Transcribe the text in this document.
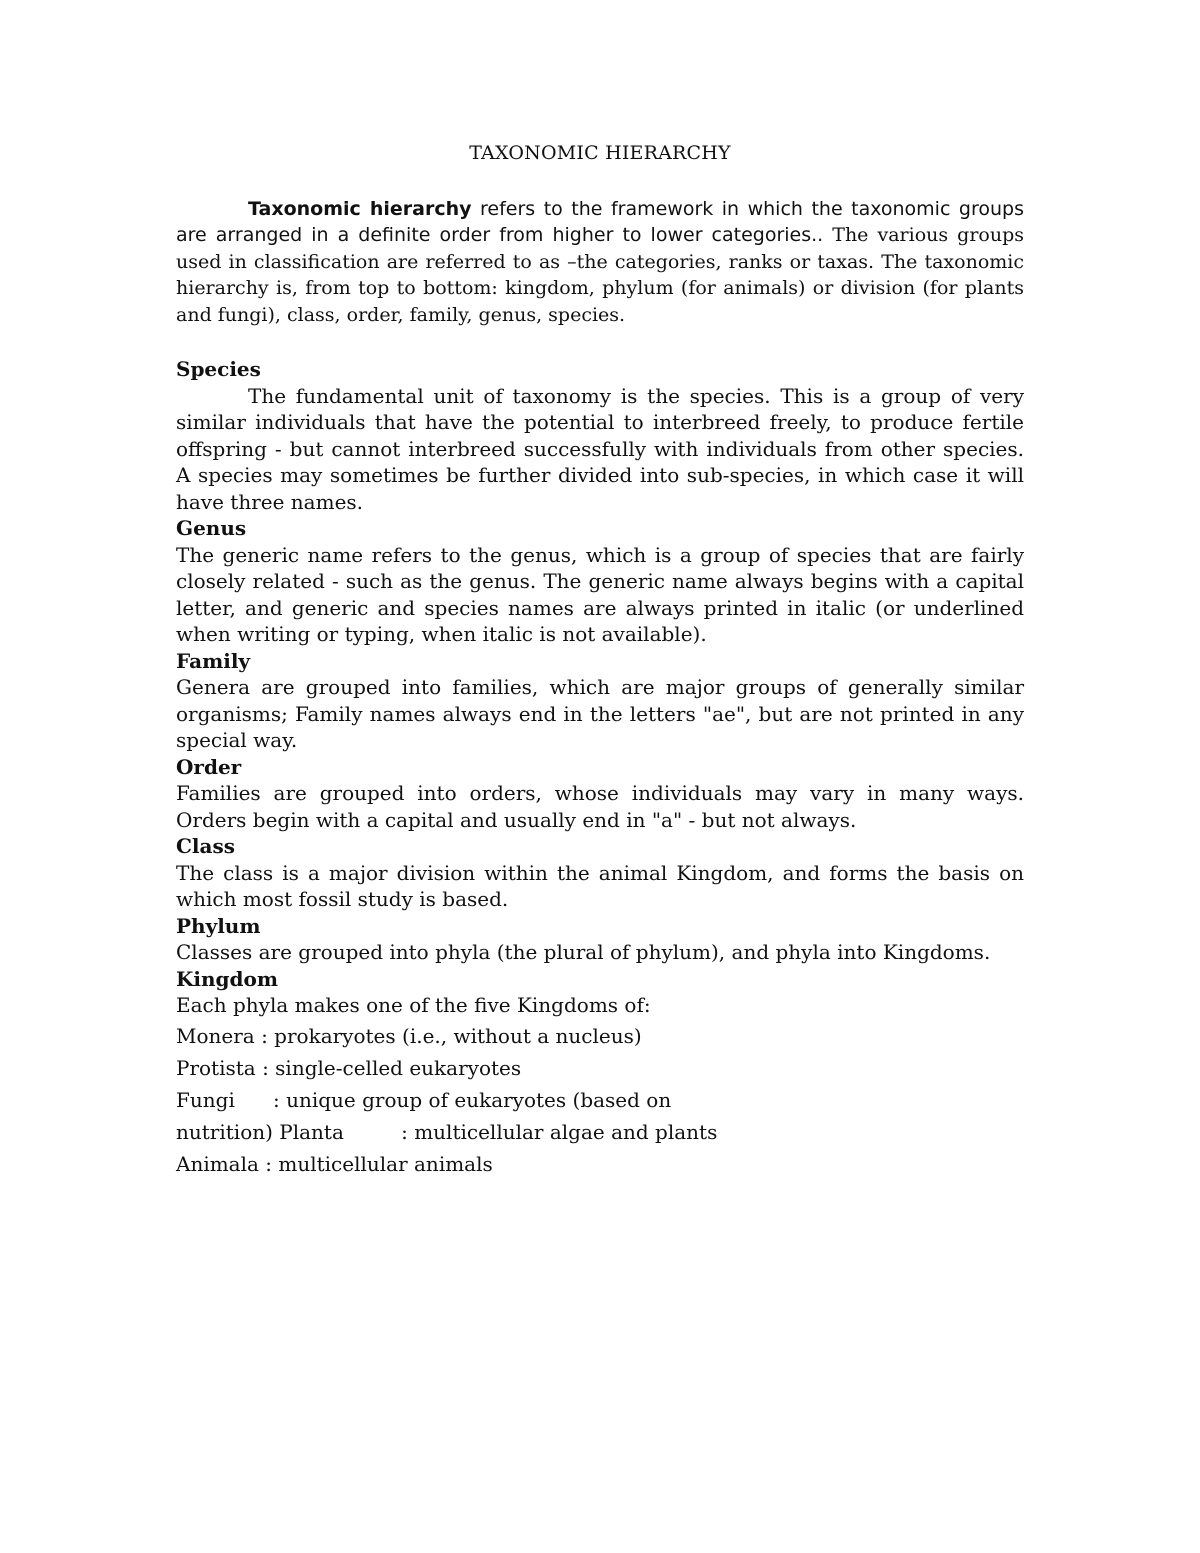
TAXONOMIC HIERARCHY

Taxonomic hierarchy refers to the framework in which the taxonomic groups are arranged in a definite order from higher to lower categories.. The various groups used in classification are referred to as –the categories, ranks or taxas. The taxonomic hierarchy is, from top to bottom: kingdom, phylum (for animals) or division (for plants and fungi), class, order, family, genus, species.

Species

The fundamental unit of taxonomy is the species. This is a group of very similar individuals that have the potential to interbreed freely, to produce fertile offspring - but cannot interbreed successfully with individuals from other species. A species may sometimes be further divided into sub-species, in which case it will have three names.

Genus

The generic name refers to the genus, which is a group of species that are fairly closely related - such as the genus. The generic name always begins with a capital letter, and generic and species names are always printed in italic (or underlined when writing or typing, when italic is not available).

Family

Genera are grouped into families, which are major groups of generally similar organisms; Family names always end in the letters "ae", but are not printed in any special way.

Order

Families are grouped into orders, whose individuals may vary in many ways. Orders begin with a capital and usually end in "a" - but not always.

Class

The class is a major division within the animal Kingdom, and forms the basis on which most fossil study is based.

Phylum

Classes are grouped into phyla (the plural of phylum), and phyla into Kingdoms.

Kingdom

Each phyla makes one of the five Kingdoms of:

Monera : prokaryotes (i.e., without a nucleus)
Protista : single-celled eukaryotes
Fungi      : unique group of eukaryotes (based on
nutrition) Planta         : multicellular algae and plants
Animala : multicellular animals
